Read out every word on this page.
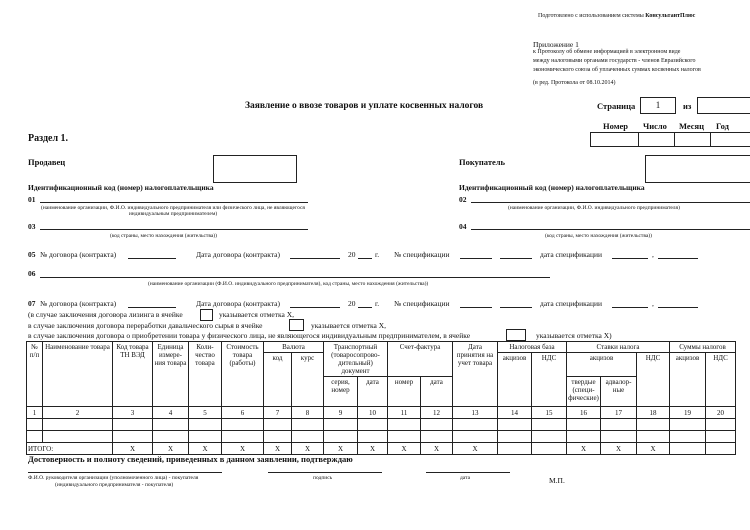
Подготовлено с использованием системы КонсультантПлюс
Приложение 1
к Протоколу об обмене информацией в электронном виде
между налоговыми органами государств - членов Евразийского
экономического союза об уплаченных суммах косвенных налогов
(в ред. Протокола от 08.10.2014)
Заявление о ввозе товаров и уплате косвенных налогов	Страница	1	из
Номер Число Месяц Год
Раздел 1.
Продавец
Идентификационный код (номер) налогоплательщика
01
(наименование организации, Ф.И.О. индивидуального предпринимателя или физического лица, не являющегося индивидуальным предпринимателем)
03
(код страны, место нахождения (жительства))
Покупатель
Идентификационный код (номер) налогоплательщика
02
(наименование организации, Ф.И.О. индивидуального предпринимателя)
04
(код страны, место нахождения (жительства))
05 № договора (контракта)	Дата договора (контракта)	20	г. № спецификации	дата спецификации	,
06
(наименование организации (Ф.И.О. индивидуального предпринимателя), код страны, место нахождения (жительства))
07 № договора (контракта)	Дата договора (контракта)	20	г. № спецификации	дата спецификации	,
(в случае заключения договора лизинга в ячейке	указывается отметка Х,
в случае заключения договора переработки давальческого сырья в ячейке	указывается отметка Х,
в случае заключения договора о приобретении товара у физического лица, не являющегося индивидуальным предпринимателем, в ячейке	указывается отметка Х)
№ п/п	Наименование товара	Код товара ТН ВЭД	Единица измере-ния товара	Коли-чество товара	Стоимость товара (работы)	Валюта		Транспортный (товаросопрово-дительный) документ		Счет-фактура		Дата принятия на учет товара	Налоговая база		Ставки налога			Суммы налогов	
						код	курс						акцизов	НДС	акцизов		НДС	акцизов	НДС
								серия, номер	дата	номер	дата				твердые (специ-фические)	адвалор-ные			
1	2	3	4	5	6	7	8	9	10	11	12	13	14	15	16	17	18	19	20

ИТОГО:		Х	Х	Х	Х	Х	Х	Х	Х	Х	Х	Х			Х	Х	Х		
Достоверность и полноту сведений, приведенных в данном заявлении, подтверждаю
Ф.И.О. руководителя организации (уполномоченного лица) - покупателя
(индивидуального предпринимателя - покупателя)
подпись	дата	М.П.
